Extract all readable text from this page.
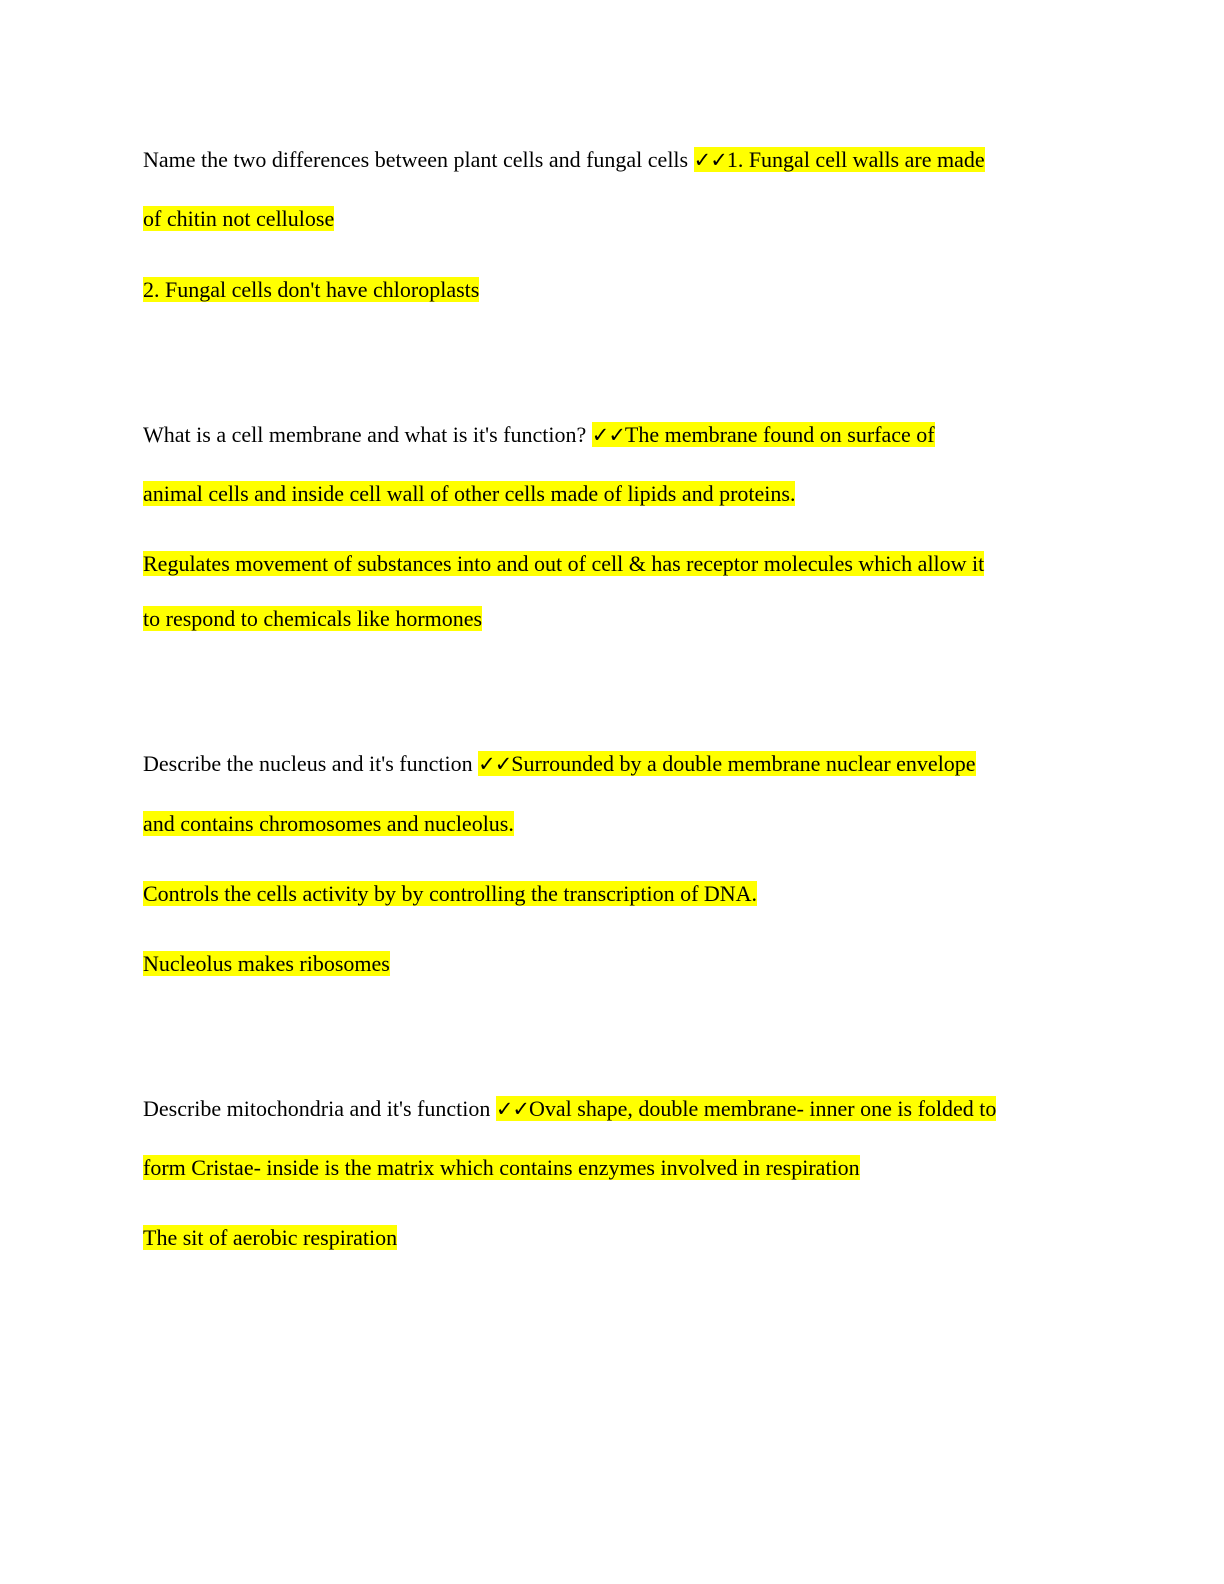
Name the two differences between plant cells and fungal cells ✓✓1. Fungal cell walls are made
of chitin not cellulose
2. Fungal cells don't have chloroplasts
What is a cell membrane and what is it's function? ✓✓The membrane found on surface of
animal cells and inside cell wall of other cells made of lipids and proteins.
Regulates movement of substances into and out of cell & has receptor molecules which allow it
to respond to chemicals like hormones
Describe the nucleus and it's function ✓✓Surrounded by a double membrane nuclear envelope
and contains chromosomes and nucleolus.
Controls the cells activity by by controlling the transcription of DNA.
Nucleolus makes ribosomes
Describe mitochondria and it's function ✓✓Oval shape, double membrane- inner one is folded to
form Cristae- inside is the matrix which contains enzymes involved in respiration
The sit of aerobic respiration
